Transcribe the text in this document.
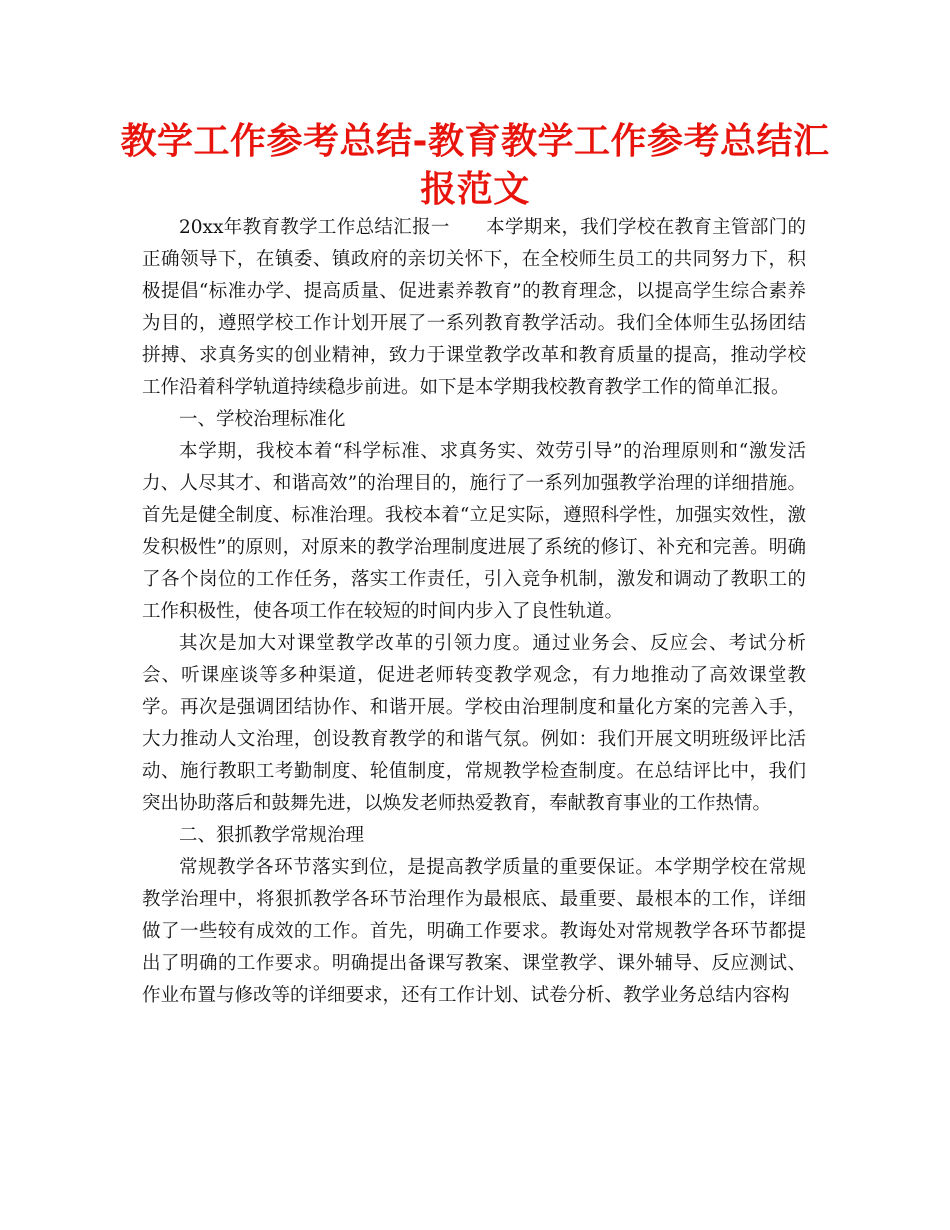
教学工作参考总结-教育教学工作参考总结汇报范文

20xx年教育教学工作总结汇报一 本学期来，我们学校在教育主管部门的正确领导下，在镇委、镇政府的亲切关怀下，在全校师生员工的共同努力下，积极提倡“标准办学、提高质量、促进素养教育”的教育理念，以提高学生综合素养为目的，遵照学校工作计划开展了一系列教育教学活动。我们全体师生弘扬团结拼搏、求真务实的创业精神，致力于课堂教学改革和教育质量的提高，推动学校工作沿着科学轨道持续稳步前进。如下是本学期我校教育教学工作的简单汇报。

一、学校治理标准化

本学期，我校本着“科学标准、求真务实、效劳引导”的治理原则和“激发活力、人尽其才、和谐高效”的治理目的，施行了一系列加强教学治理的详细措施。首先是健全制度、标准治理。我校本着“立足实际，遵照科学性，加强实效性，激发积极性”的原则，对原来的教学治理制度进展了系统的修订、补充和完善。明确了各个岗位的工作任务，落实工作责任，引入竞争机制，激发和调动了教职工的工作积极性，使各项工作在较短的时间内步入了良性轨道。

其次是加大对课堂教学改革的引领力度。通过业务会、反应会、考试分析会、听课座谈等多种渠道，促进老师转变教学观念，有力地推动了高效课堂教学。再次是强调团结协作、和谐开展。学校由治理制度和量化方案的完善入手，大力推动人文治理，创设教育教学的和谐气氛。例如：我们开展文明班级评比活动、施行教职工考勤制度、轮值制度，常规教学检查制度。在总结评比中，我们突出协助落后和鼓舞先进，以焕发老师热爱教育，奉献教育事业的工作热情。

二、狠抓教学常规治理

常规教学各环节落实到位，是提高教学质量的重要保证。本学期学校在常规教学治理中，将狠抓教学各环节治理作为最根底、最重要、最根本的工作，详细做了一些较有成效的工作。首先，明确工作要求。教诲处对常规教学各环节都提出了明确的工作要求。明确提出备课写教案、课堂教学、课外辅导、反应测试、作业布置与修改等的详细要求，还有工作计划、试卷分析、教学业务总结内容构
